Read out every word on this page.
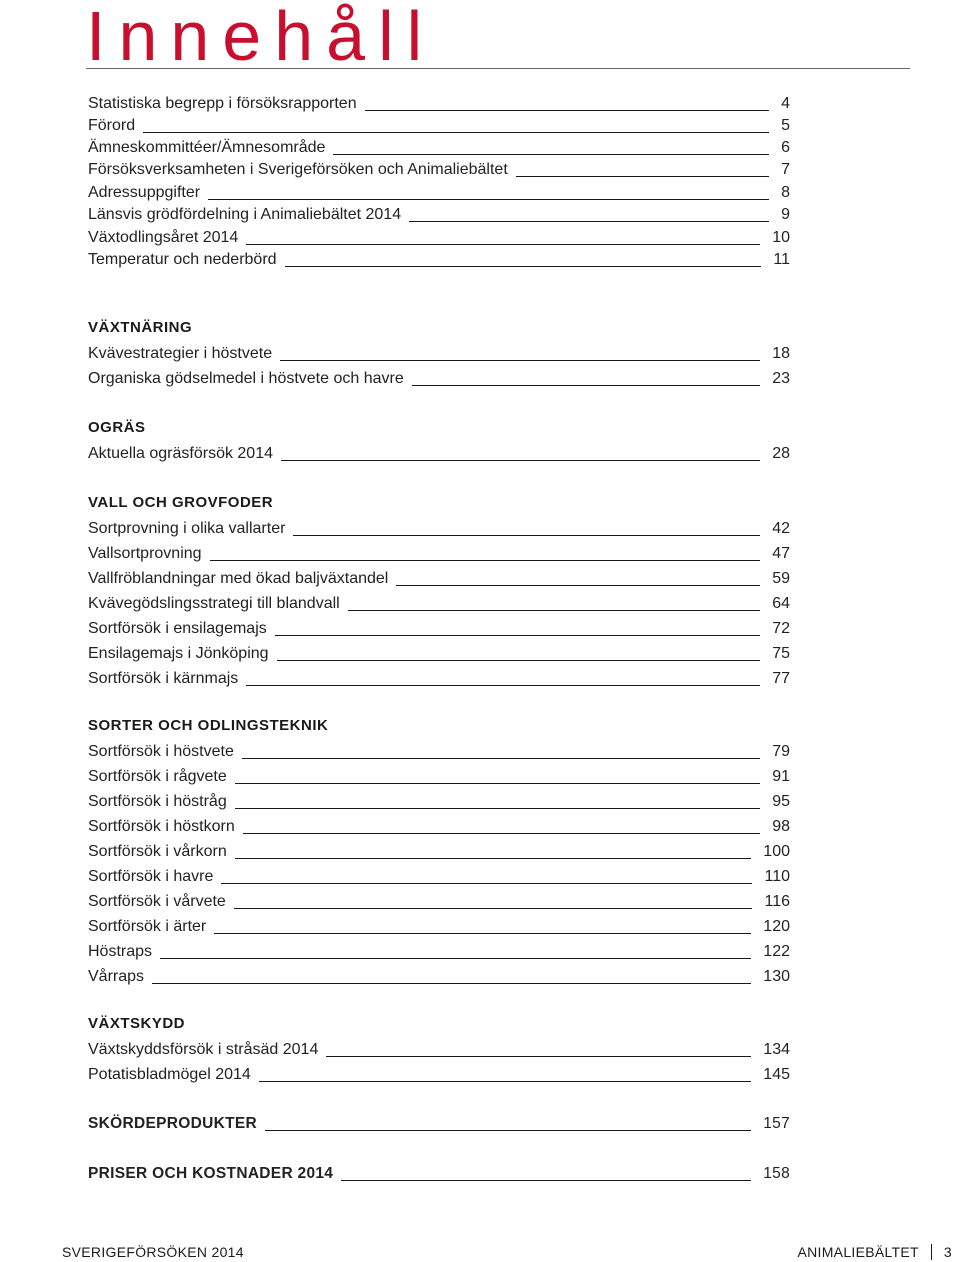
Innehåll
Statistiska begrepp i försöksrapporten	4
Förord	5
Ämneskommittéer/Ämnesområde	6
Försöksverksamheten i Sverigeförsöken och Animaliebältet	7
Adressuppgifter	8
Länsvis grödfördelning i Animaliebältet 2014	9
Växtodlingsåret 2014	10
Temperatur och nederbörd	11
VÄXTNÄRING
Kvävestrategier i höstvete	18
Organiska gödselmedel i höstvete och havre	23
OGRÄS
Aktuella ogräsförsök 2014	28
VALL OCH GROVFODER
Sortprovning i olika vallarter	42
Vallsortprovning	47
Vallfröblandningar med ökad baljväxtandel	59
Kvävegödslingsstrategi till blandvall	64
Sortförsök i ensilagemajs	72
Ensilagemajs i Jönköping	75
Sortförsök i kärnmajs	77
SORTER OCH ODLINGSTEKNIK
Sortförsök i höstvete	79
Sortförsök i rågvete	91
Sortförsök i höstråg	95
Sortförsök i höstkorn	98
Sortförsök i vårkorn	100
Sortförsök i havre	110
Sortförsök i vårvete	116
Sortförsök i ärter	120
Höstraps	122
Vårraps	130
VÄXTSKYDD
Växtskyddsförsök i stråsäd 2014	134
Potatisbladmögel 2014	145
SKÖRDEPRODUKTER	157
PRISER OCH KOSTNADER 2014	158
SVERIGEFÖRSÖKEN 2014	ANIMALIEBÄLTET 3
